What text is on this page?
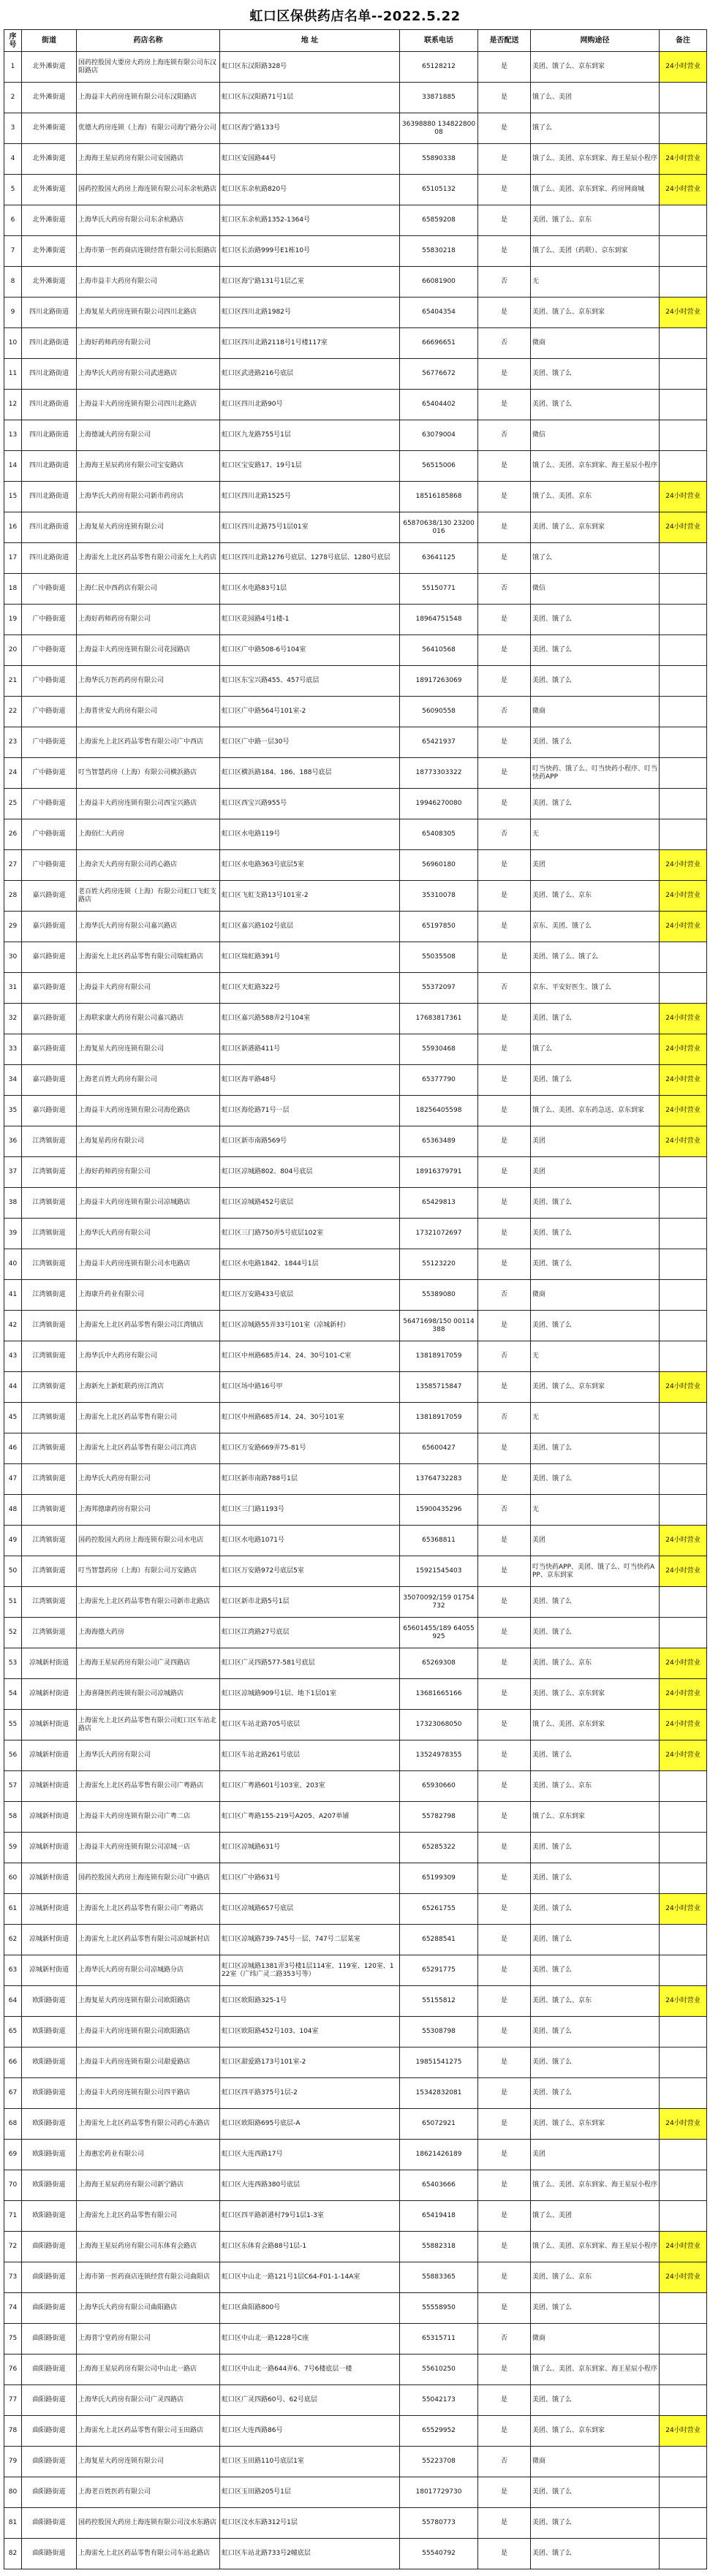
虹口区保供药店名单--2022.5.22
序号	街道	药店名称	地 址	联系电话	是否配送	网购途径	备注
1	北外滩街道	国药控股国大要房大药房上海连锁有限公司东汉阳路店	虹口区东汉阳路328号	65128212	是	美团、饿了么、京东到家	24小时营业
2	北外滩街道	上海益丰大药房连锁有限公司东汉阳路店	虹口区东汉阳路71号1层	33871885	是	饿了么、美团	
3	北外滩街道	优德大药房连锁（上海）有限公司海宁路分公司	虹口区海宁路133号	36398880 13482280008	是	饿了么	
4	北外滩街道	上海海王星辰药房有限公司安国路店	虹口区安国路44号	55890338	是	饿了么、美团、京东到家、海王星辰小程序	24小时营业
5	北外滩街道	国药控股国大药房上海连锁有限公司东余杭路店	虹口区东余杭路820号	65105132	是	饿了么、美团、京东到家、药房网商城	24小时营业
6	北外滩街道	上海华氏大药房有限公司东余杭路店	虹口区东余杭路1352-1364号	65859208	是	美团、饿了么、京东	
7	北外滩街道	上海市第一医药商店连锁经营有限公司长阳路店	虹口区长治路999号E1栋10号	55830218	是	饿了么、美团（药联）、京东到家	
8	北外滩街道	上海市益丰大药房有限公司	虹口区海宁路131号1层乙室	66081900	否	无	
9	四川北路街道	上海复星大药房连锁有限公司四川北路店	虹口区四川北路1982号	65404354	是	美团、饿了么、京东到家	24小时营业
10	四川北路街道	上海好药师药房有限公司	虹口区四川北路2118号1号楼117室	66696651	否	微商	
11	四川北路街道	上海华氏大药房有限公司武进路店	虹口区武进路216号底层	56776672	是	美团、饿了么	
12	四川北路街道	上海益丰大药房连锁有限公司四川北路店	虹口区四川北路90号	65404402	是	美团、饿了么	
13	四川北路街道	上海德诚大药房有限公司	虹口区九龙路755号1层	63079004	否	微信	
14	四川北路街道	上海海王星辰药房有限公司宝安路店	虹口区宝安路17、19号1层	56515006	是	饿了么、美团、京东到家、海王星辰小程序	
15	四川北路街道	上海华氏大药房有限公司新市药房店	虹口区四川北路1525号	18516185868	是	饿了么、美团、京东	24小时营业
16	四川北路街道	上海复星大药房连锁有限公司	虹口区四川北路75号1层01室	65870638/130 23200016	是	美团、饿了么、京东到家	24小时营业
17	四川北路街道	上海雷允上北区药品零售有限公司雷允上大药店	虹口区四川北路1276号底层、1278号底层、1280号底层	63641125	是	饿了么	
18	广中路街道	上海仁民中西药店有限公司	虹口区水电路83号1层	55150771	否	微信	
19	广中路街道	上海好药师药房有限公司	虹口区花园路4号1楼-1	18964751548	是	美团、饿了么	
20	广中路街道	上海益丰大药房连锁有限公司花园路店	虹口区广中路508-6号104室	56410568	是	美团、饿了么	
21	广中路街道	上海华氏万医药药房有限公司	虹口区东宝兴路455、457号底层	18917263069	是	美团、饿了么	
22	广中路街道	上海普世安大药房有限公司	虹口区广中路564号101室-2	56090558	否	微商	
23	广中路街道	上海雷允上北区药品零售有限公司广中西店	虹口区广中路一层30号	65421937	是	美团、饿了么	
24	广中路街道	叮当智慧药房（上海）有限公司横浜路店	虹口区横浜路184、186、188号底层	18773303322	是	叮当快药、饿了么、叮当快药小程序、叮当快药APP	
25	广中路街道	上海益丰大药房连锁有限公司西宝兴路店	虹口区西宝兴路955号	19946270080	是	美团、饿了么	
26	广中路街道	上海佰仁大药房	虹口区水电路119号	65408305	否	无	
27	广中路街道	上海余天大药房有限公司药心路店	虹口区水电路363号底层5室	56960180	是	美团	24小时营业
28	嘉兴路街道	老百姓大药房连锁（上海）有限公司虹口飞虹支路店	虹口区飞虹支路13号101室-2	35310078	是	美团、饿了么、京东	24小时营业
29	嘉兴路街道	上海华氏大药房有限公司嘉兴路店	虹口区嘉兴路102号底层	65197850	是	京东、美团、饿了么	24小时营业
30	嘉兴路街道	上海雷允上北区药品零售有限公司瑞虹路店	虹口区瑞虹路391号	55035508	是	美团、饿了么、饿了么	
31	嘉兴路街道	上海益丰大药房有限公司	虹口区天虹路322号	55372097	否	京东、平安好医生、饿了么	
32	嘉兴路街道	上海联家康大药房有限公司嘉兴路店	虹口区嘉兴路588弄2号104室	17683817361	是	美团、饿了么	24小时营业
33	嘉兴路街道	上海复星大药房连锁有限公司	虹口区新港路411号	55930468	是	饿了么	24小时营业
34	嘉兴路街道	上海老百姓大药房有限公司	虹口区海平路48号	65377790	是	美团、饿了么	24小时营业
35	嘉兴路街道	上海益丰大药房连锁有限公司海伦路店	虹口区海伦路71号一层	18256405598	是	饿了么、美团、京东药急送、京东到家	24小时营业
36	江湾镇街道	上海复星药房有限公司	虹口区新市南路569号	65363489	是	美团	24小时营业
37	江湾镇街道	上海好药师药房有限公司	虹口区凉城路802、804号底层	18916379791	是	美团	
38	江湾镇街道	上海益丰大药房连锁有限公司凉城路店	虹口区凉城路452号底层	65429813	是	美团、饿了么	
39	江湾镇街道	上海华氏大药房有限公司	虹口区三门路750弄5号底层102室	17321072697	是	美团、饿了么	
40	江湾镇街道	上海益丰大药房连锁有限公司水电路店	虹口区水电路1842、1844号1层	55123220	是	美团、饿了么	
41	江湾镇街道	上海康升药业有限公司	虹口区万安路433号底层	55389080	否	微商	
42	江湾镇街道	上海雷允上北区药品零售有限公司江湾镇店	虹口区凉城路55弄33号101室（凉城新村）	56471698/150 00114388	是	美团、饿了么	
43	江湾镇街道	上海华氏中大药房有限公司	虹口区中州路685弄14、24、30号101-C室	13818917059	否	无	
44	江湾镇街道	上海新允上新虹联药房江湾店	虹口区场中路16号甲	13585715847	是	美团、饿了么、京东到家	24小时营业
45	江湾镇街道	上海雷允上北区药品零售有限公司	虹口区中州路685弄14、24、30号101室	13818917059	否	无	
46	江湾镇街道	上海雷允上北区药品零售有限公司江湾店	虹口区万安路669弄75-81号	65600427	是	美团、饿了么	
47	江湾镇街道	上海华氏大药房有限公司	虹口区新市南路788号1层	13764732283	是	美团、饿了么	
48	江湾镇街道	上海邦德康药房有限公司	虹口区三门路1193号	15900435296	否	无	
49	江湾镇街道	国药控股国大药房上海连锁有限公司水电店	虹口区水电路1071号	65368811	是	美团	24小时营业
50	江湾镇街道	叮当智慧药房（上海）有限公司万安路店	虹口区万安路972号底层5室	15921545403	是	叮当快药APP、美团、饿了么、叮当快药APP、京东到家	24小时营业
51	江湾镇街道	上海雷允上北区药品零售有限公司新市北路店	虹口区新市北路5号1层	35070092/159 01754732	是	美团、饿了么	
52	江湾镇街道	上海海德大药房	虹口区江湾路27号底层	65601455/189 64055925	是	美团、饿了么	
53	凉城新村街道	上海海王星辰药房有限公司广灵四路店	虹口区广灵四路577-581号底层	65269308	是	美团、饿了么、京东	24小时营业
54	凉城新村街道	上海喜隆医药连锁有限公司凉城路店	虹口区凉城路909号1层、地下1层01室	13681665166	是	美团、饿了么、京东到家	24小时营业
55	凉城新村街道	上海雷允上北区药品零售有限公司虹口区车站北路店	虹口区车站北路705号底层	17323068050	是	饿了么、美团、京东到家	24小时营业
56	凉城新村街道	上海华氏大药房有限公司	虹口区车站北路261号底层	13524978355	是	美团、饿了么	24小时营业
57	凉城新村街道	上海雷允上北区药品零售有限公司广粤路店	虹口区广粤路601号103室、203室	65930660	是	美团、饿了么、京东	
58	凉城新村街道	上海益丰大药房连锁有限公司广粤二店	虹口区广粤路155-219号A205、A207单铺	55782798	是	饿了么、京东到家	
59	凉城新村街道	上海益丰大药房连锁有限公司凉城一店	虹口区凉城路631号	65285322	是	美团、饿了么	
60	凉城新村街道	国药控股国大药房上海连锁有限公司广中路店	虹口区广中路631号	65199309	是	美团、饿了么	
61	凉城新村街道	上海雷允上北区药品零售有限公司广粤路店	虹口区凉城路657号底层	65261755	是	美团、饿了么	24小时营业
62	凉城新村街道	上海雷允上北区药品零售有限公司凉城新村店	虹口区凉城路739-745号一层、747号二层某室	65288541	是	美团、饿了么	
63	凉城新村街道	上海华氏大药房有限公司凉城路分店	虹口区凉城路1381弄3号楼1层114室、119室、120室、122室（广纬广灵二路353号等）	65291775	是	美团、饿了么	
64	欧阳路街道	上海复星大药房连锁有限公司欧阳路店	虹口区欧阳路325-1号	55155812	是	美团、饿了么、京东	24小时营业
65	欧阳路街道	上海益丰大药房连锁有限公司欧阳路店	虹口区欧阳路452号103、104室	55308798	是	美团、饿了么	
66	欧阳路街道	上海益丰大药房连锁有限公司甜爱路店	虹口区甜爱路173号101室-2	19851541275	是	美团、饿了么	
67	欧阳路街道	上海益丰大药房连锁有限公司四平路店	虹口区四平路375号1层-2	15342832081	是	美团、饿了么	
68	欧阳路街道	上海雷允上北区药品零售有限公司药心东路店	虹口区欧阳路695号底层-A	65072921	是	美团、饿了么、京东到家	24小时营业
69	欧阳路街道	上海惠宏药业有限公司	虹口区大连西路17号	18621426189	是	美团	
70	欧阳路街道	上海海王星辰药房有限公司新宁路店	虹口区大连西路380号底层	65403666	是	饿了么、美团、京东到家、海王星辰小程序	
71	欧阳路街道	上海雷允上北区药品零售有限公司	虹口区四平路新港村79号1层1-3室	65419418	是	饿了么、美团	
72	曲阳路街道	上海海王星辰药房有限公司东体育会路店	虹口区东体育会路88号1层-1	55882318	是	饿了么、美团、京东到家、海王星辰小程序	24小时营业
73	曲阳路街道	上海市第一医药商店连锁经营有限公司曲阳店	虹口区中山北一路121号1层C64-F01-1-14A室	55883365	是	美团、饿了么、京东	24小时营业
74	曲阳路街道	上海华氏大药房有限公司曲阳路店	虹口区曲阳路800号	55558950	是	美团、饿了么	
75	曲阳路街道	上海普宁堂药房有限公司	虹口区中山北一路1228号C座	65315711	否	微商	
76	曲阳路街道	上海海王星辰药房有限公司中山北一路店	虹口区中山北一路644弄6、7号6楼底层一楼	55610250	是	饿了么、美团、京东到家、海王星辰小程序	
77	曲阳路街道	上海华氏大药房有限公司广灵四路店	虹口区广灵四路60号、62号底层	55042173	是	美团、饿了么	
78	曲阳路街道	上海雷允上北区药品零售有限公司玉田路店	虹口区大连西路86号	65529952	是	美团、饿了么、京东到家	24小时营业
79	曲阳路街道	上海复星大药房连锁有限公司	虹口区玉田路110号底层1室	55223708	否	微商	
80	曲阳路街道	上海老百姓医药有限公司	虹口区玉田路205号1层	18017729730	是	美团、饿了么	
81	曲阳路街道	国药控股国大药房上海连锁有限公司汶水东路店	虹口区汶水东路312号1层	55780773	是	美团、饿了么	
82	曲阳路街道	上海雷允上北区药品零售有限公司车站北路店	虹口区车站北路733号2幢底层	55540792	是	美团、饿了么	
